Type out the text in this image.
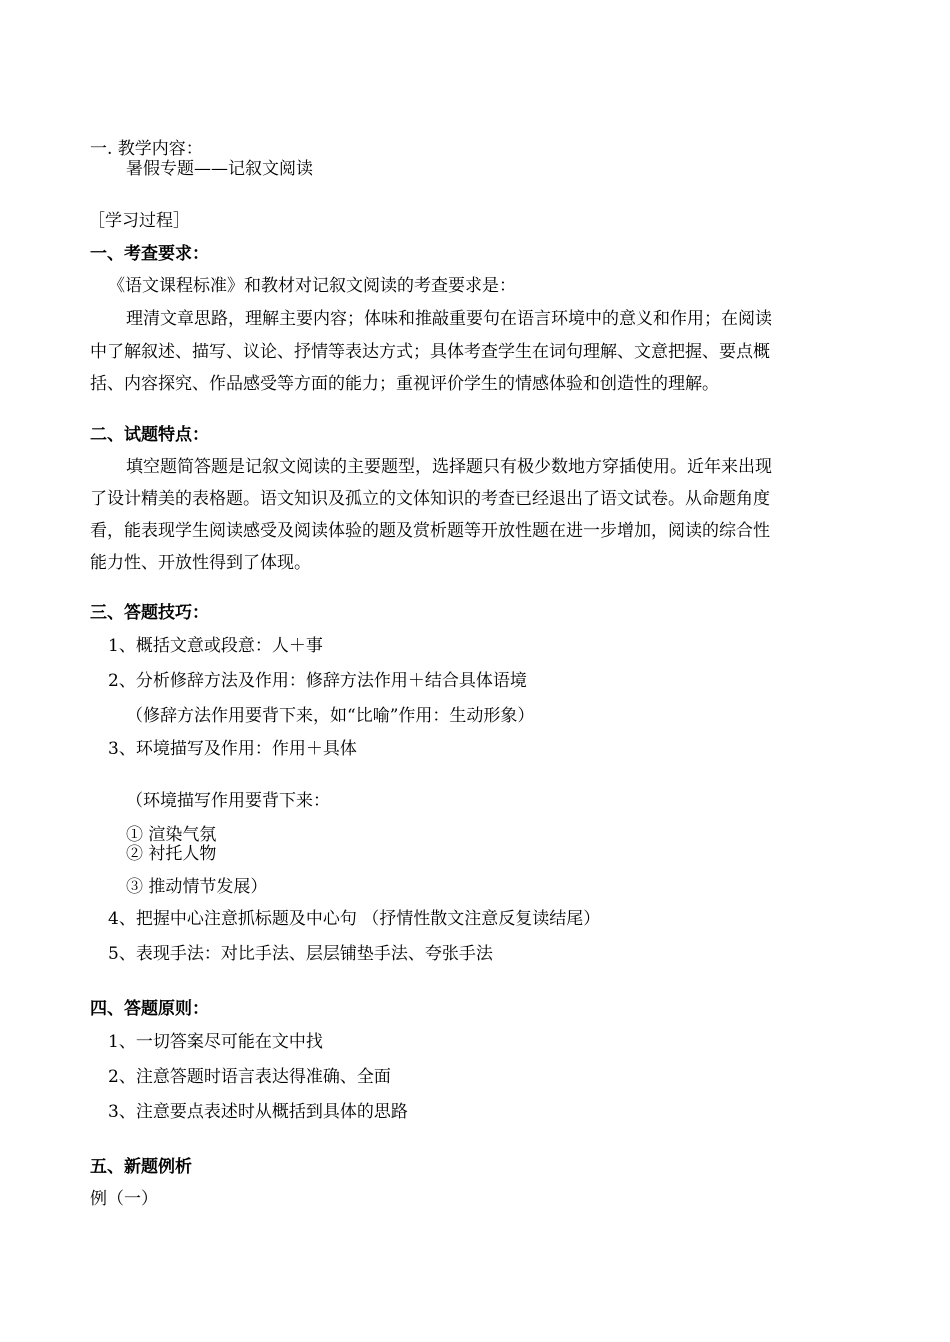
一. 教学内容：
暑假专题——记叙文阅读
［学习过程］
一、考查要求：
《语文课程标准》和教材对记叙文阅读的考查要求是：
理清文章思路，理解主要内容；体味和推敲重要句在语言环境中的意义和作用；在阅读
中了解叙述、描写、议论、抒情等表达方式；具体考查学生在词句理解、文意把握、要点概
括、内容探究、作品感受等方面的能力；重视评价学生的情感体验和创造性的理解。
二、试题特点：
填空题简答题是记叙文阅读的主要题型，选择题只有极少数地方穿插使用。近年来出现
了设计精美的表格题。语文知识及孤立的文体知识的考查已经退出了语文试卷。从命题角度
看，能表现学生阅读感受及阅读体验的题及赏析题等开放性题在进一步增加，阅读的综合性
能力性、开放性得到了体现。
三、答题技巧：
1、概括文意或段意：人＋事
2、分析修辞方法及作用：修辞方法作用＋结合具体语境
（修辞方法作用要背下来，如“比喻”作用：生动形象）
3、环境描写及作用：作用＋具体
（环境描写作用要背下来：
① 渲染气氛
② 衬托人物
③ 推动情节发展）
4、把握中心注意抓标题及中心句 （抒情性散文注意反复读结尾）
5、表现手法：对比手法、层层铺垫手法、夸张手法
四、答题原则：
1、一切答案尽可能在文中找
2、注意答题时语言表达得准确、全面
3、注意要点表述时从概括到具体的思路
五、新题例析
例（一）
